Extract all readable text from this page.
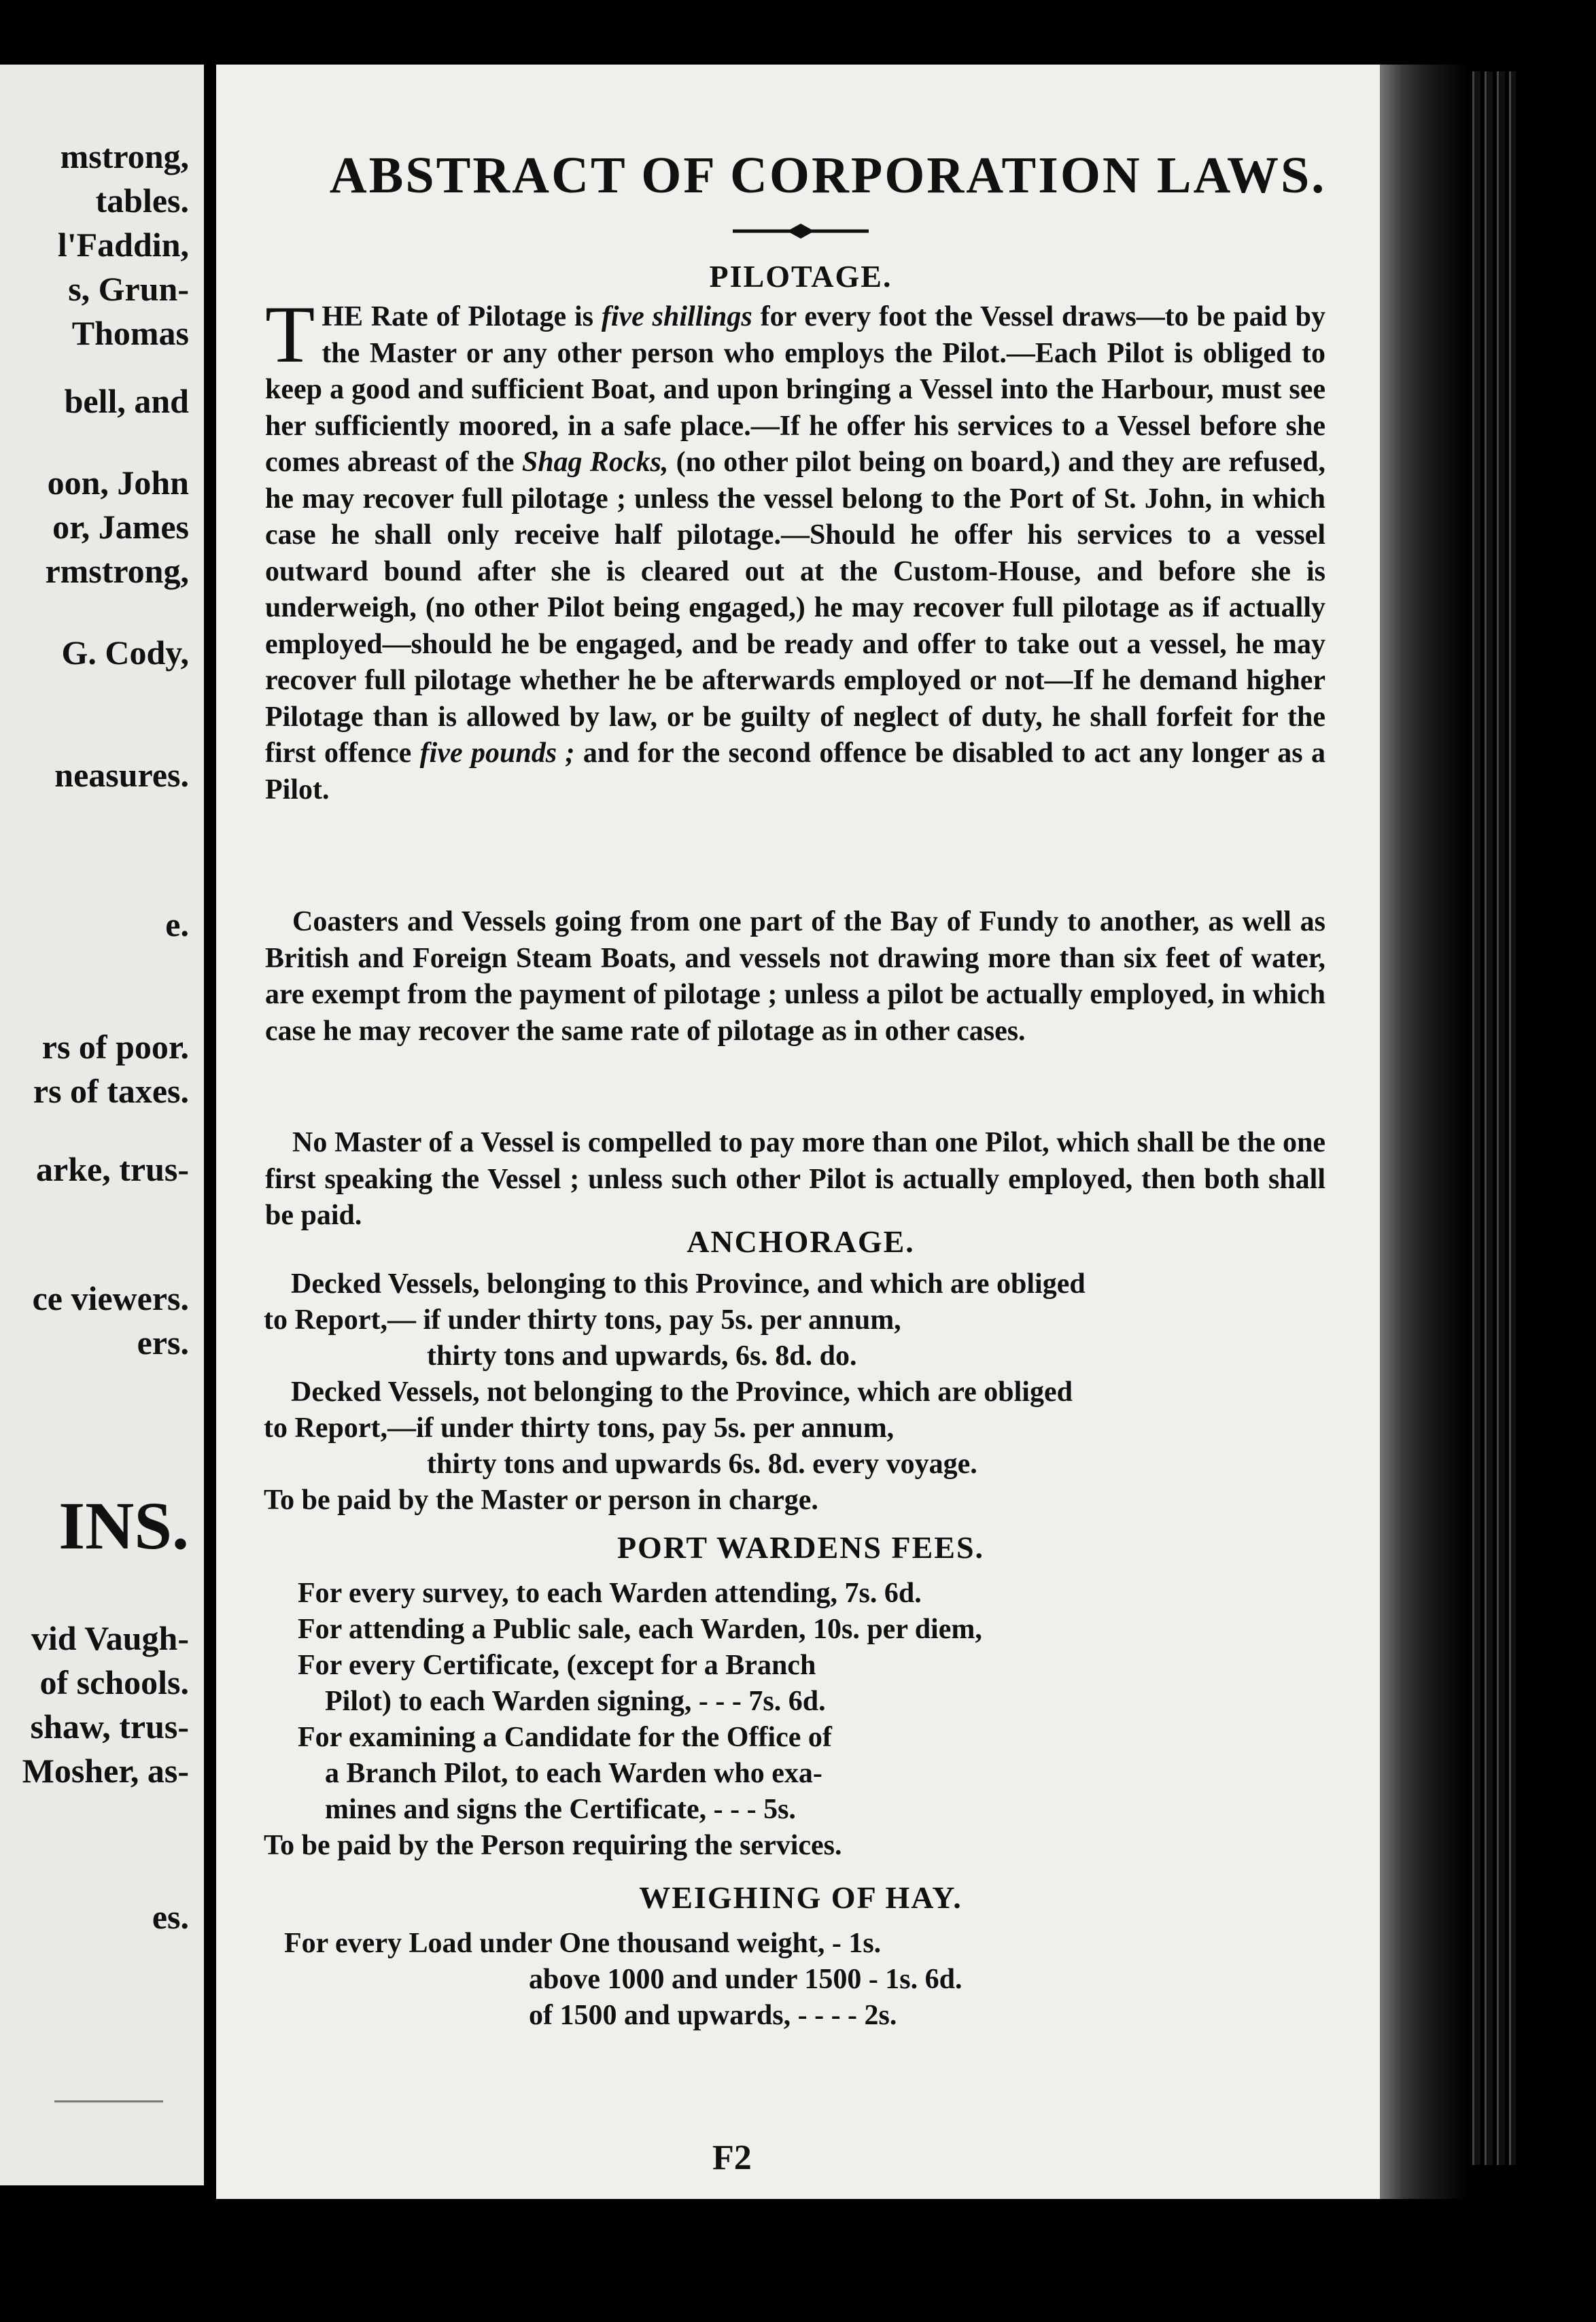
mstrong,
tables.
l'Faddin,
s, Grun-
Thomas
bell, and
oon, John
or, James
rmstrong,
G. Cody,
neasures.
e.
rs of poor.
rs of taxes.
arke, trus-
ce viewers.
ers.
INS.
vid Vaugh-
of schools.
shaw, trus-
Mosher, as-
es.
ABSTRACT OF CORPORATION LAWS.
PILOTAGE.
THE Rate of Pilotage is five shillings for every foot the Vessel draws—to be paid by the Master or any other person who employs the Pilot.—Each Pilot is obliged to keep a good and sufficient Boat, and upon bringing a Vessel into the Harbour, must see her sufficiently moored, in a safe place.—If he offer his services to a Vessel before she comes abreast of the Shag Rocks, (no other pilot being on board,) and they are refused, he may recover full pilotage ; unless the vessel belong to the Port of St. John, in which case he shall only receive half pilotage.—Should he offer his services to a vessel outward bound after she is cleared out at the Custom-House, and before she is underweigh, (no other Pilot being engaged,) he may recover full pilotage as if actually employed—should he be engaged, and be ready and offer to take out a vessel, he may recover full pilotage whether he be afterwards employed or not—If he demand higher Pilotage than is allowed by law, or be guilty of neglect of duty, he shall forfeit for the first offence five pounds ; and for the second offence be disabled to act any longer as a Pilot.
Coasters and Vessels going from one part of the Bay of Fundy to another, as well as British and Foreign Steam Boats, and vessels not drawing more than six feet of water, are exempt from the payment of pilotage ; unless a pilot be actually employed, in which case he may recover the same rate of pilotage as in other cases.
No Master of a Vessel is compelled to pay more than one Pilot, which shall be the one first speaking the Vessel ; unless such other Pilot is actually employed, then both shall be paid.
ANCHORAGE.
Decked Vessels, belonging to this Province, and which are obliged
to Report,— if under thirty tons, pay 5s. per annum,
thirty tons and upwards, 6s. 8d. do.
Decked Vessels, not belonging to the Province, which are obliged
to Report,—if under thirty tons, pay 5s. per annum,
thirty tons and upwards 6s. 8d. every voyage.
To be paid by the Master or person in charge.
PORT WARDENS FEES.
For every survey, to each Warden attending, 7s. 6d.
For attending a Public sale, each Warden, 10s. per diem,
For every Certificate, (except for a Branch
Pilot) to each Warden signing, - - - 7s. 6d.
For examining a Candidate for the Office of
a Branch Pilot, to each Warden who exa-
mines and signs the Certificate, - - - 5s.
To be paid by the Person requiring the services.
WEIGHING OF HAY.
For every Load under One thousand weight, - 1s.
above 1000 and under 1500 - 1s. 6d.
of 1500 and upwards, - - - - 2s.
F2
